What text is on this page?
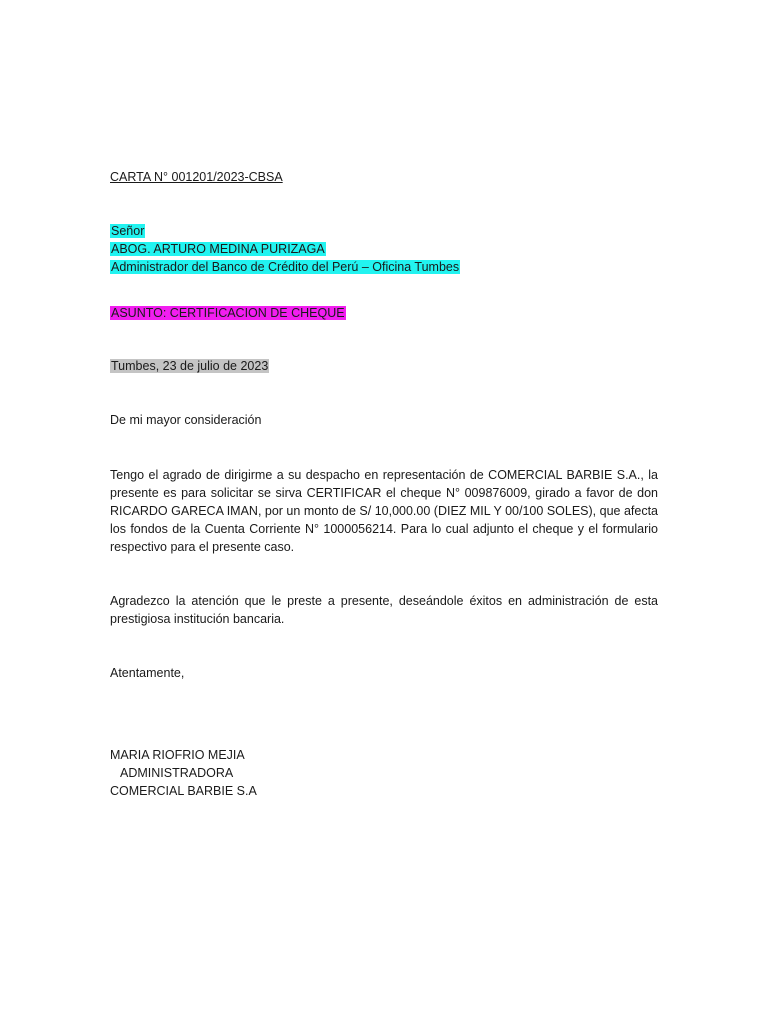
CARTA N° 001201/2023-CBSA
Señor
ABOG. ARTURO MEDINA PURIZAGA
Administrador del Banco de Crédito del Perú – Oficina Tumbes
ASUNTO: CERTIFICACION DE CHEQUE
Tumbes, 23 de julio de 2023
De mi mayor consideración
Tengo el agrado de dirigirme a su despacho en representación de COMERCIAL BARBIE S.A., la presente es para solicitar se sirva CERTIFICAR el cheque N° 009876009, girado a favor de don RICARDO GARECA IMAN, por un monto de S/ 10,000.00 (DIEZ MIL Y 00/100 SOLES), que afecta los fondos de la Cuenta Corriente N° 1000056214. Para lo cual adjunto el cheque y el formulario respectivo para el presente caso.
Agradezco la atención que le preste a presente, deseándole éxitos en administración de esta prestigiosa institución bancaria.
Atentamente,
MARIA RIOFRIO MEJIA
ADMINISTRADORA
COMERCIAL BARBIE S.A
